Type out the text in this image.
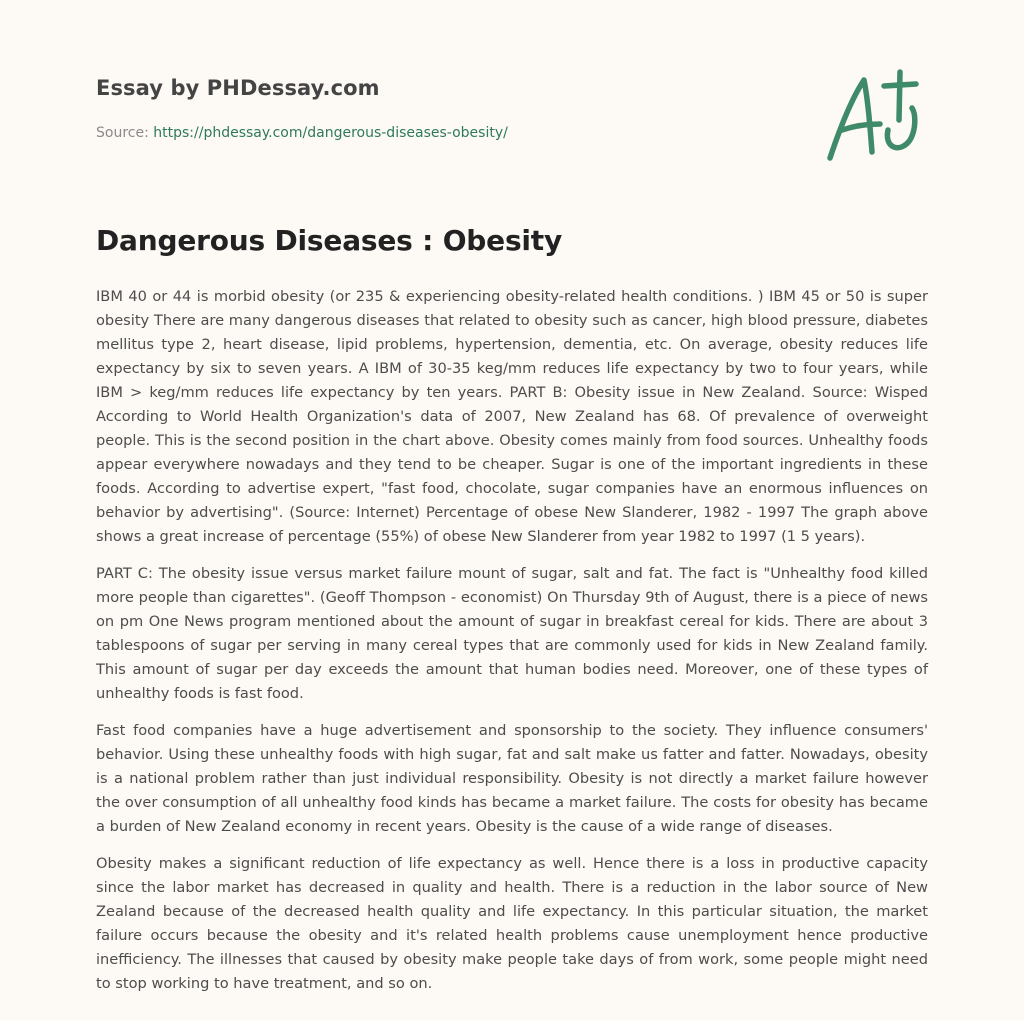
Essay by PHDessay.com
Source: https://phdessay.com/dangerous-diseases-obesity/
Dangerous Diseases : Obesity

IBM 40 or 44 is morbid obesity (or 235 & experiencing obesity-related health conditions. ) IBM 45 or 50 is super obesity There are many dangerous diseases that related to obesity such as cancer, high blood pressure, diabetes mellitus type 2, heart disease, lipid problems, hypertension, dementia, etc. On average, obesity reduces life expectancy by six to seven years. A IBM of 30-35 keg/mm reduces life expectancy by two to four years, while IBM > keg/mm reduces life expectancy by ten years. PART B: Obesity issue in New Zealand. Source: Wisped According to World Health Organization's data of 2007, New Zealand has 68. Of prevalence of overweight people. This is the second position in the chart above. Obesity comes mainly from food sources. Unhealthy foods appear everywhere nowadays and they tend to be cheaper. Sugar is one of the important ingredients in these foods. According to advertise expert, "fast food, chocolate, sugar companies have an enormous influences on behavior by advertising". (Source: Internet) Percentage of obese New Slanderer, 1982 - 1997 The graph above shows a great increase of percentage (55%) of obese New Slanderer from year 1982 to 1997 (1 5 years).

PART C: The obesity issue versus market failure mount of sugar, salt and fat. The fact is "Unhealthy food killed more people than cigarettes". (Geoff Thompson - economist) On Thursday 9th of August, there is a piece of news on pm One News program mentioned about the amount of sugar in breakfast cereal for kids. There are about 3 tablespoons of sugar per serving in many cereal types that are commonly used for kids in New Zealand family. This amount of sugar per day exceeds the amount that human bodies need. Moreover, one of these types of unhealthy foods is fast food.

Fast food companies have a huge advertisement and sponsorship to the society. They influence consumers' behavior. Using these unhealthy foods with high sugar, fat and salt make us fatter and fatter. Nowadays, obesity is a national problem rather than just individual responsibility. Obesity is not directly a market failure however the over consumption of all unhealthy food kinds has became a market failure. The costs for obesity has became a burden of New Zealand economy in recent years. Obesity is the cause of a wide range of diseases.

Obesity makes a significant reduction of life expectancy as well. Hence there is a loss in productive capacity since the labor market has decreased in quality and health. There is a reduction in the labor source of New Zealand because of the decreased health quality and life expectancy. In this particular situation, the market failure occurs because the obesity and it's related health problems cause unemployment hence productive inefficiency. The illnesses that caused by obesity make people take days of from work, some people might need to stop working to have treatment, and so on.
